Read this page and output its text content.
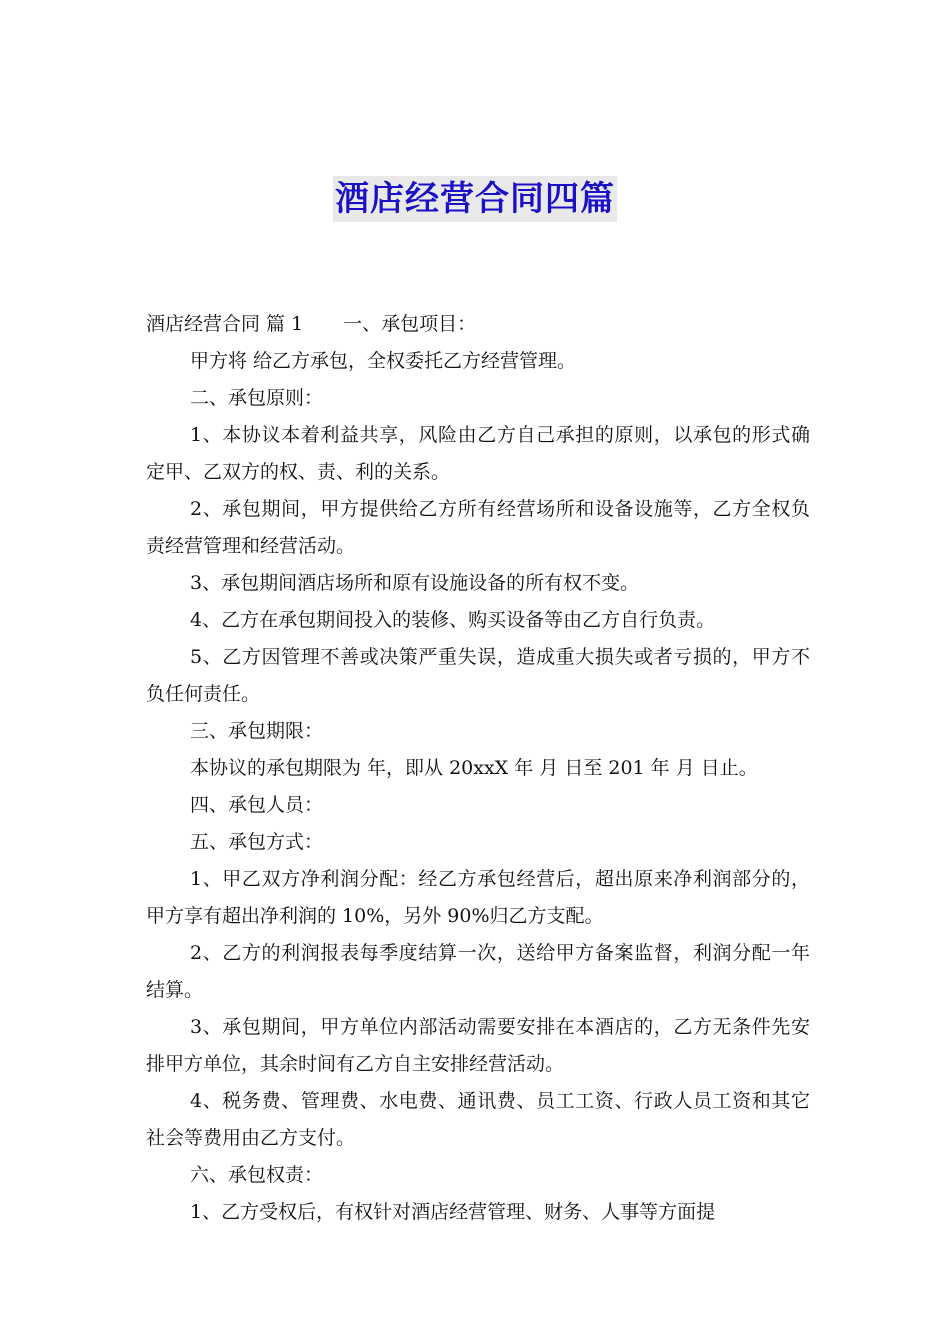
酒店经营合同四篇

酒店经营合同 篇 1 一、承包项目：

甲方将 给乙方承包，全权委托乙方经营管理。

二、承包原则：

1、本协议本着利益共享，风险由乙方自己承担的原则，以承包的形式确定甲、乙双方的权、责、利的关系。

2、承包期间，甲方提供给乙方所有经营场所和设备设施等，乙方全权负责经营管理和经营活动。

3、承包期间酒店场所和原有设施设备的所有权不变。

4、乙方在承包期间投入的装修、购买设备等由乙方自行负责。

5、乙方因管理不善或决策严重失误，造成重大损失或者亏损的，甲方不负任何责任。

三、承包期限：

本协议的承包期限为 年，即从 20xxX 年 月 日至 201 年 月 日止。

四、承包人员：

五、承包方式：

1、甲乙双方净利润分配：经乙方承包经营后，超出原来净利润部分的，甲方享有超出净利润的 10%，另外 90%归乙方支配。

2、乙方的利润报表每季度结算一次，送给甲方备案监督，利润分配一年结算。

3、承包期间，甲方单位内部活动需要安排在本酒店的，乙方无条件先安排甲方单位，其余时间有乙方自主安排经营活动。

4、税务费、管理费、水电费、通讯费、员工工资、行政人员工资和其它社会等费用由乙方支付。

六、承包权责：

1、乙方受权后，有权针对酒店经营管理、财务、人事等方面提
